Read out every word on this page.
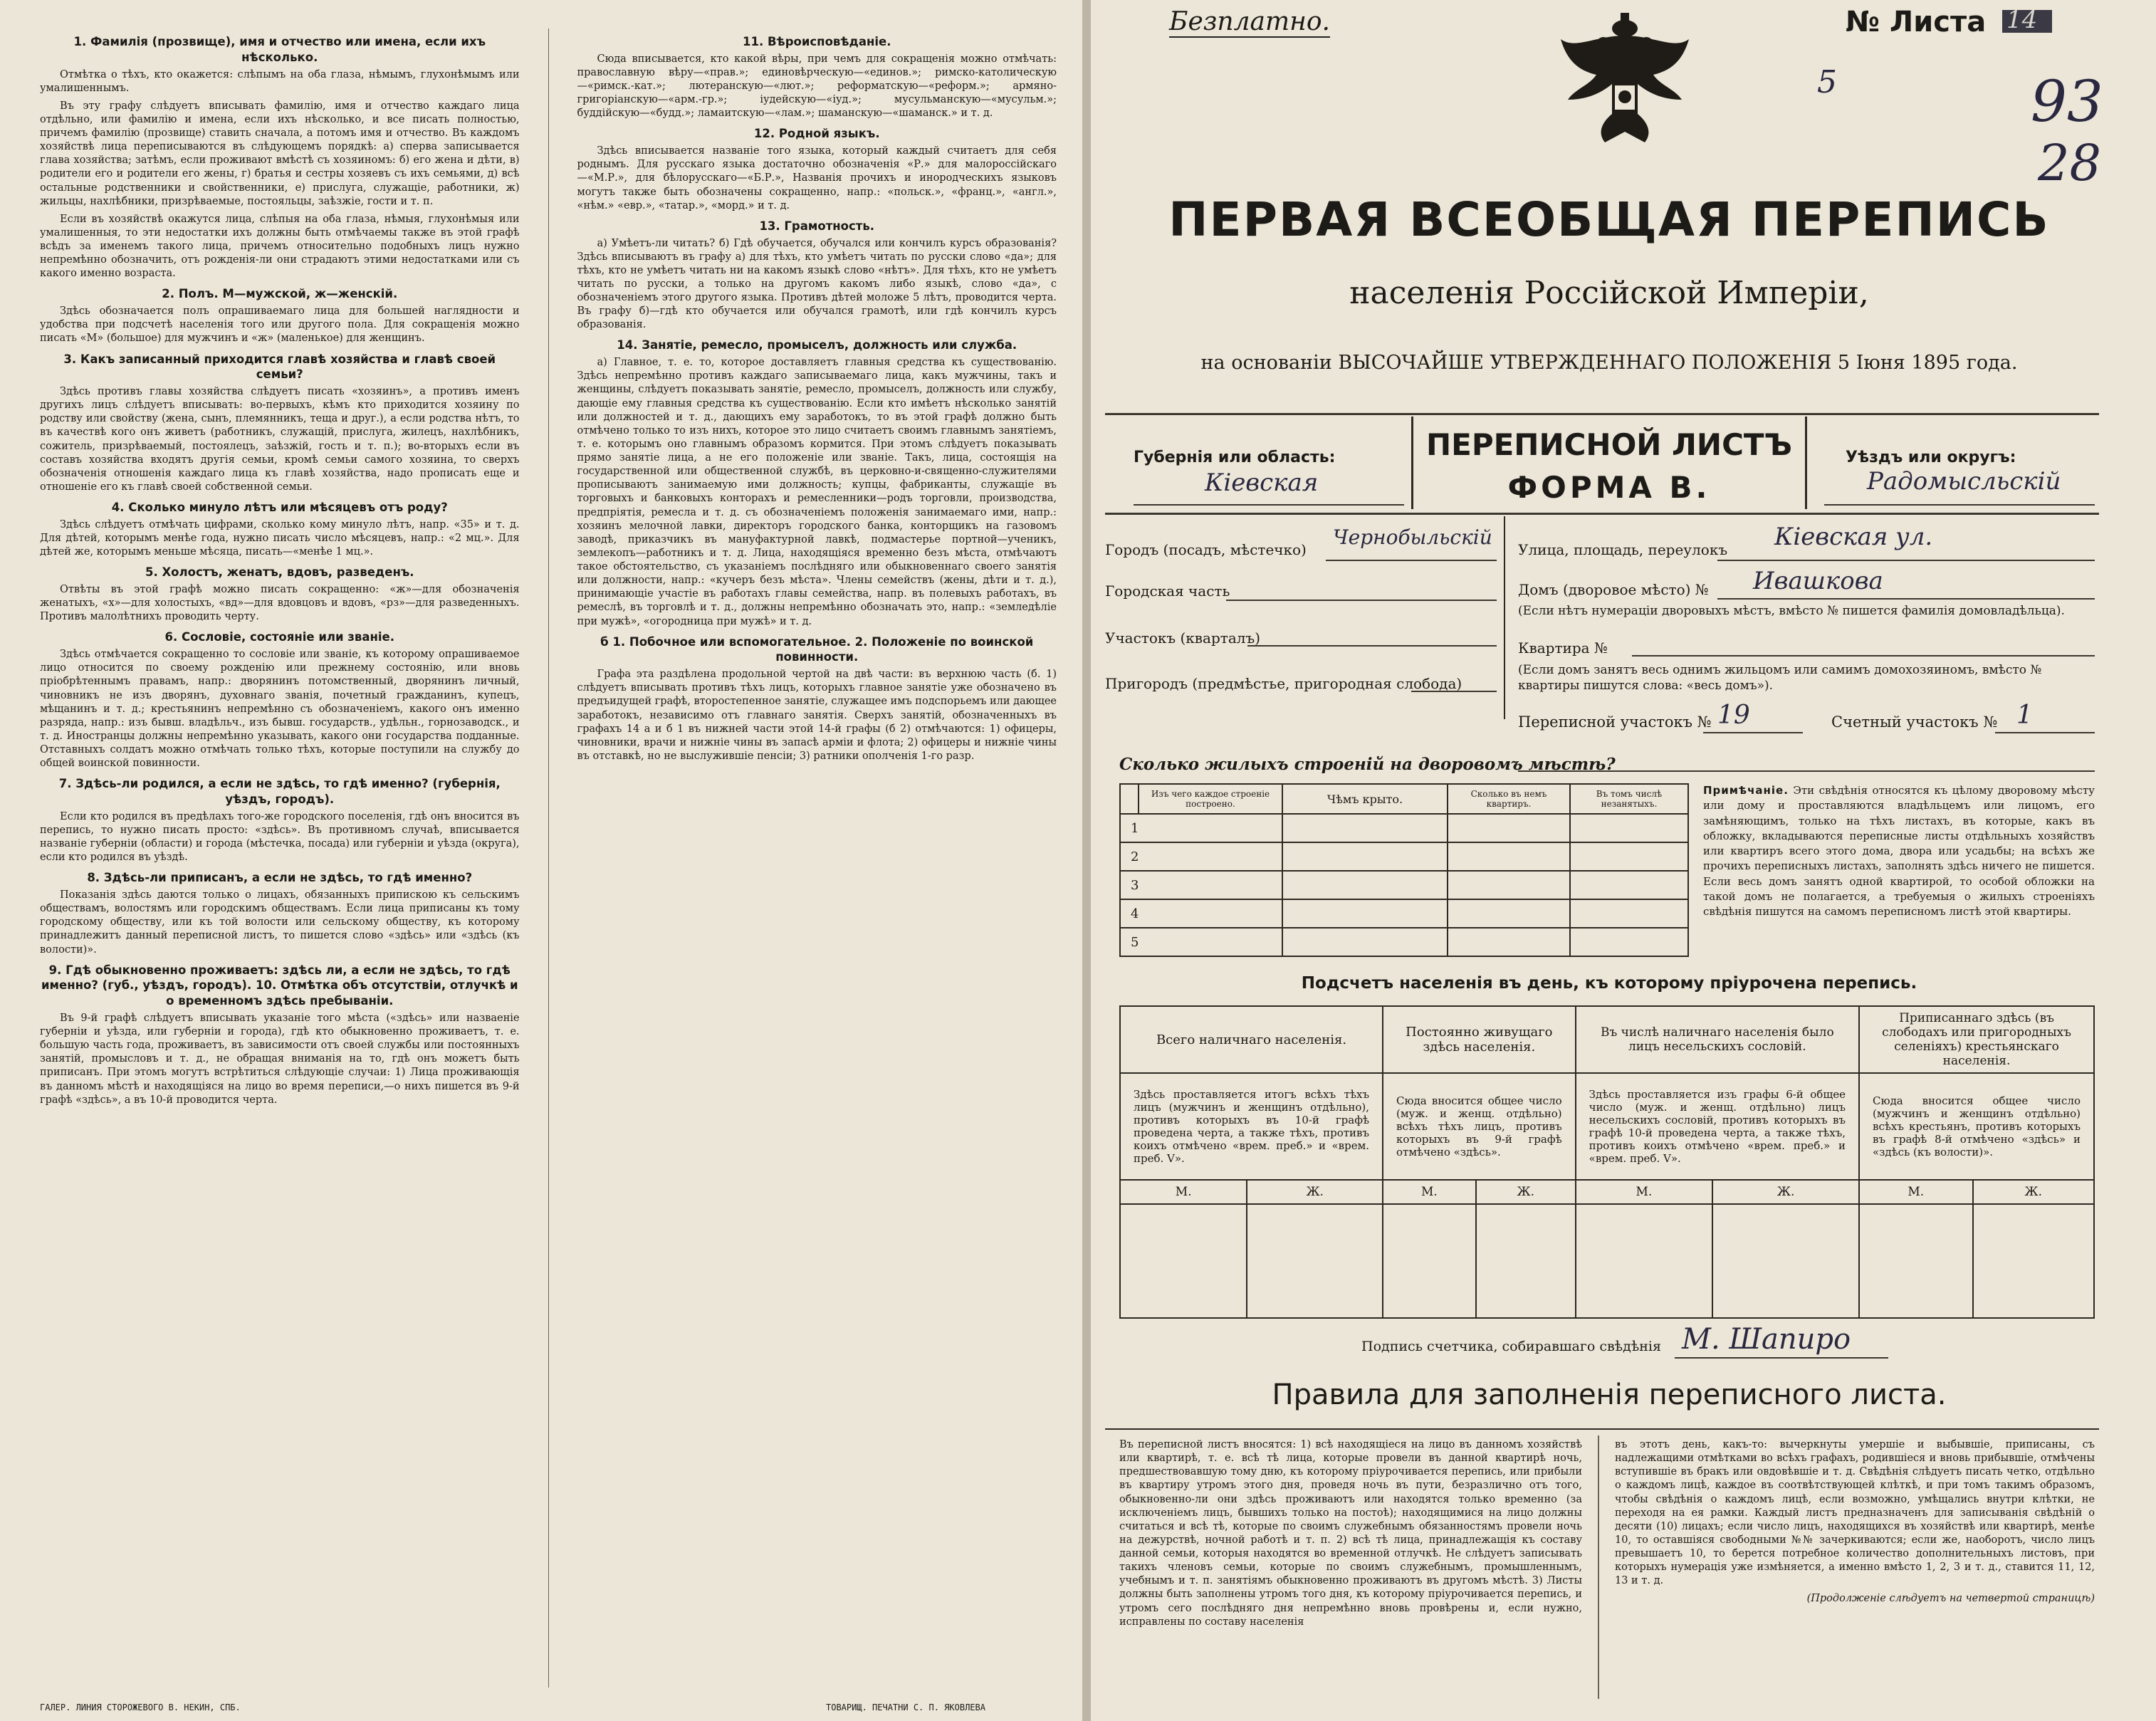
1. Фамилія (прозвище), имя и отчество или имена, если ихъ нѣсколько.

Отмѣтка о тѣхъ, кто окажется: слѣпымъ на оба глаза, нѣмымъ, глухонѣмымъ или умалишеннымъ.

Въ эту графу слѣдуетъ вписывать фамилію, имя и отчество каждаго лица отдѣльно, или фамилію и имена, если ихъ нѣсколько, и все писать полностью, причемъ фамилію (прозвище) ставить сначала, а потомъ имя и отчество. Въ каждомъ хозяйствѣ лица переписываются въ слѣдующемъ порядкѣ: а) сперва записывается глава хозяйства; затѣмъ, если проживают вмѣстѣ съ хозяиномъ: б) его жена и дѣти, в) родители его и родители его жены, г) братья и сестры хозяевъ съ ихъ семьями, д) всѣ остальные родственники и свойственники, е) прислуга, служащіе, работники, ж) жильцы, нахлѣбники, призрѣваемые, постояльцы, заѣзжіе, гости и т. п.

Если въ хозяйствѣ окажутся лица, слѣпыя на оба глаза, нѣмыя, глухонѣмыя или умалишенныя, то эти недостатки ихъ должны быть отмѣчаемы также въ этой графѣ всѣдъ за именемъ такого лица, причемъ относительно подобныхъ лицъ нужно непремѣнно обозначить, отъ рожденія-ли они страдаютъ этими недостатками или съ какого именно возраста.

2. Полъ. М—мужской, ж—женскій.

Здѣсь обозначается полъ опрашиваемаго лица для большей наглядности и удобства при подсчетѣ населенія того или другого пола. Для сокращенія можно писать «М» (большое) для мужчинъ и «ж» (маленькое) для женщинъ.

3. Какъ записанный приходится главѣ хозяйства и главѣ своей семьи?

Здѣсь противъ главы хозяйства слѣдуетъ писать «хозяинъ», а противъ именъ другихъ лицъ слѣдуетъ вписывать: во-первыхъ, кѣмъ кто приходится хозяину по родству или свойству (жена, сынъ, племянникъ, теща и друг.), а если родства нѣтъ, то въ качествѣ кого онъ живетъ (работникъ, служащій, прислуга, жилецъ, нахлѣбникъ, сожитель, призрѣваемый, постоялецъ, заѣзжій, гость и т. п.); во-вторыхъ если въ составъ хозяйства входятъ другія семьи, кромѣ семьи самого хозяина, то сверхъ обозначенія отношенія каждаго лица къ главѣ хозяйства, надо прописать еще и отношеніе его къ главѣ своей собственной семьи.

4. Сколько минуло лѣтъ или мѣсяцевъ отъ роду?

Здѣсь слѣдуетъ отмѣчать цифрами, сколько кому минуло лѣтъ, напр. «35» и т. д. Для дѣтей, которымъ менѣе года, нужно писать число мѣсяцевъ, напр.: «2 мц.». Для дѣтей же, которымъ меньше мѣсяца, писать—«менѣе 1 мц.».

5. Холостъ, женатъ, вдовъ, разведенъ.

Отвѣты въ этой графѣ можно писать сокращенно: «ж»—для обозначенія женатыхъ, «х»—для холостыхъ, «вд»—для вдовцовъ и вдовъ, «рз»—для разведенныхъ. Противъ малолѣтнихъ проводить черту.

6. Сословіе, состояніе или званіе.

Здѣсь отмѣчается сокращенно то сословіе или званіе, къ которому опрашиваемое лицо относится по своему рожденію или прежнему состоянію, или вновь пріобрѣтеннымъ правамъ, напр.: дворянинъ потомственный, дворянинъ личный, чиновникъ не изъ дворянъ, духовнаго званія, почетный гражданинъ, купецъ, мѣщанинъ и т. д.; крестьянинъ непремѣнно съ обозначеніемъ, какого онъ именно разряда, напр.: изъ бывш. владѣльч., изъ бывш. государств., удѣльн., горнозаводск., и т. д. Иностранцы должны непремѣнно указывать, какого они государства подданные. Отставныхъ солдатъ можно отмѣчать только тѣхъ, которые поступили на службу до общей воинской повинности.

7. Здѣсь-ли родился, а если не здѣсь, то гдѣ именно? (губернія, уѣздъ, городъ).

Если кто родился въ предѣлахъ того-же городского поселенія, гдѣ онъ вносится въ перепись, то нужно писать просто: «здѣсь». Въ противномъ случаѣ, вписывается названіе губерніи (области) и города (мѣстечка, посада) или губерніи и уѣзда (округа), если кто родился въ уѣздѣ.

8. Здѣсь-ли приписанъ, а если не здѣсь, то гдѣ именно?

Показанія здѣсь даются только о лицахъ, обязанныхъ припискою къ сельскимъ обществамъ, волостямъ или городскимъ обществамъ. Если лица приписаны къ тому городскому обществу, или къ той волости или сельскому обществу, къ которому принадлежитъ данный переписной листъ, то пишется слово «здѣсь» или «здѣсь (къ волости)».

9. Гдѣ обыкновенно проживаетъ: здѣсь ли, а если не здѣсь, то гдѣ именно? (губ., уѣздъ, городъ). 10. Отмѣтка объ отсутствіи, отлучкѣ и о временномъ здѣсь пребываніи.

Въ 9-й графѣ слѣдуетъ вписывать указаніе того мѣста («здѣсь» или назваеніе губерніи и уѣзда, или губерніи и города), гдѣ кто обыкновенно проживаетъ, т. е. большую часть года, проживаетъ, въ зависимости отъ своей службы или постоянныхъ занятій, промысловъ и т. д., не обращая вниманія на то, гдѣ онъ можетъ быть приписанъ. При этомъ могутъ встрѣтиться слѣдующіе случаи: 1) Лица проживающія въ данномъ мѣстѣ и находящіяся на лицо во время переписи,—о нихъ пишется въ 9-й графѣ «здѣсь», а въ 10-й проводится черта.

11. Вѣроисповѣданіе.

Сюда вписывается, кто какой вѣры, при чемъ для сокращенія можно отмѣчать: православную вѣру—«прав.»; единовѣрческую—«единов.»; римско-католическую—«римск.-кат.»; лютеранскую—«лют.»; реформатскую—«реформ.»; армяно-григоріанскую—«арм.-гр.»; іудейскую—«іуд.»; мусульманскую—«мусульм.»; буддійскую—«будд.»; ламаитскую—«лам.»; шаманскую—«шаманск.» и т. д.

12. Родной языкъ.

Здѣсь вписывается названіе того языка, который каждый считаетъ для себя роднымъ. Для русскаго языка достаточно обозначенія «Р.» для малороссійскаго—«М.Р.», для бѣлорусскаго—«Б.Р.», Названія прочихъ и инородческихъ языковъ могутъ также быть обозначены сокращенно, напр.: «польск.», «франц.», «англ.», «нѣм.» «евр.», «татар.», «морд.» и т. д.

13. Грамотность.

а) Умѣетъ-ли читать? б) Гдѣ обучается, обучался или кончилъ курсъ образованія? Здѣсь вписываютъ въ графу а) для тѣхъ, кто умѣетъ читать по русски слово «да»; для тѣхъ, кто не умѣетъ читать ни на какомъ языкѣ слово «нѣтъ». Для тѣхъ, кто не умѣетъ читать по русски, а только на другомъ какомъ либо языкѣ, слово «да», с обозначеніемъ этого другого языка. Противъ дѣтей моложе 5 лѣтъ, проводится черта. Въ графу б)—гдѣ кто обучается или обучался грамотѣ, или гдѣ кончилъ курсъ образованія.

14. Занятіе, ремесло, промыселъ, должность или служба.

а) Главное, т. е. то, которое доставляетъ главныя средства къ существованію. Здѣсь непремѣнно противъ каждаго записываемаго лица, какъ мужчины, такъ и женщины, слѣдуетъ показывать занятіе, ремесло, промыселъ, должность или службу, дающіе ему главныя средства къ существованію. Если кто имѣетъ нѣсколько занятій или должностей и т. д., дающихъ ему заработокъ, то въ этой графѣ должно быть отмѣчено только то изъ нихъ, которое это лицо считаетъ своимъ главнымъ занятіемъ, т. е. которымъ оно главнымъ образомъ кормится. При этомъ слѣдуетъ показывать прямо занятіе лица, а не его положеніе или званіе. Такъ, лица, состоящія на государственной или общественной службѣ, въ церковно-и-священно-служителями прописываютъ занимаемую ими должность; купцы, фабриканты, служащіе въ торговыхъ и банковыхъ конторахъ и ремесленники—родъ торговли, производства, предпріятія, ремесла и т. д. съ обозначеніемъ положенія занимаемаго ими, напр.: хозяинъ мелочной лавки, директоръ городского банка, конторщикъ на газовомъ заводѣ, приказчикъ въ мануфактурной лавкѣ, подмастерье портной—ученикъ, землекопъ—работникъ и т. д. Лица, находящіяся временно безъ мѣста, отмѣчаютъ такое обстоятельство, съ указаніемъ послѣдняго или обыкновеннаго своего занятія или должности, напр.: «кучеръ безъ мѣста». Члены семействъ (жены, дѣти и т. д.), принимающіе участіе въ работахъ главы семейства, напр. въ полевыхъ работахъ, въ ремеслѣ, въ торговлѣ и т. д., должны непремѣнно обозначать это, напр.: «земледѣліе при мужѣ», «огородница при мужѣ» и т. д.

б 1. Побочное или вспомогательное. 2. Положеніе по воинской повинности.

Графа эта раздѣлена продольной чертой на двѣ части: въ верхнюю часть (б. 1) слѣдуетъ вписывать противъ тѣхъ лицъ, которыхъ главное занятіе уже обозначено въ предъидущей графѣ, второстепенное занятіе, служащее имъ подспорьемъ или дающее заработокъ, независимо отъ главнаго занятія. Сверхъ занятій, обозначенныхъ въ графахъ 14 а и б 1 въ нижней части этой 14-й графы (б 2) отмѣчаются: 1) офицеры, чиновники, врачи и нижніе чины въ запасѣ арміи и флота; 2) офицеры и нижніе чины въ отставкѣ, но не выслужившіе пенсіи; 3) ратники ополченія 1-го разр.

ГАЛЕР. ЛИНИЯ СТОРОЖЕВОГО В. НЕКИН, СПБ.	ТОВАРИЩ. ПЕЧАТНИ С. П. ЯКОВЛЕВА
Безплатно.	№ Листа 14
5	93
28
ПЕРВАЯ ВСЕОБЩАЯ ПЕРЕПИСЬ
населенія Россійской Имперіи,
на основаніи ВЫСОЧАЙШЕ УТВЕРЖДЕННАГО ПОЛОЖЕНІЯ 5 Іюня 1895 года.
Губернія или область:
Кіевская
ПЕРЕПИСНОЙ ЛИСТЪ
ФОРМА В.
Уѣздъ или округъ:
Радомысльскій
Городъ (посадъ, мѣстечко)
Чернобыльскій
Городская часть
Участокъ (кварталъ)
Пригородъ (предмѣстье, пригородная слобода)
Улица, площадь, переулокъ Кіевская ул.
Домъ (дворовое мѣсто) № Ивашкова
(Если нѣтъ нумераціи дворовыхъ мѣстъ, вмѣсто № пишется фамилія домовладѣльца).
Квартира №
(Если домъ занятъ весь однимъ жильцомъ или самимъ домохозяиномъ, вмѣсто № квартиры пишутся слова: «весь домъ»).
Переписной участокъ № 19	Счетный участокъ № 1
Сколько жилыхъ строеній на дворовомъ мѣстѣ?
	Изъ чего каждое строеніе построено.	Чѣмъ крыто.	Сколько въ немъ квартиръ.	Въ томъ числѣ незанятыхъ.
1				
2				
3				
4				
5				
Примѣчаніе. Эти свѣдѣнія относятся къ цѣлому дворовому мѣсту или дому и проставляются владѣльцемъ или лицомъ, его замѣняющимъ, только на тѣхъ листахъ, въ которые, какъ въ обложку, вкладываются переписные листы отдѣльныхъ хозяйствъ или квартиръ всего этого дома, двора или усадьбы; на всѣхъ же прочихъ переписныхъ листахъ, заполнять здѣсь ничего не пишется. Если весь домъ занятъ одной квартирой, то особой обложки на такой домъ не полагается, а требуемыя о жилыхъ строеніяхъ свѣдѣнія пишутся на самомъ переписномъ листѣ этой квартиры.
Подсчетъ населенія въ день, къ которому пріурочена перепись.
Всего наличнаго населенія.		Постоянно живущаго здѣсь населенія.		Въ числѣ наличнаго населенія было лицъ несельскихъ сословій.		Приписаннаго здѣсь (въ слободахъ или пригородныхъ селеніяхъ) крестьянскаго населенія.	
Здѣсь проставляется итогъ всѣхъ тѣхъ лицъ (мужчинъ и женщинъ отдѣльно), противъ которыхъ въ 10-й графѣ проведена черта, а также тѣхъ, противъ коихъ отмѣчено «врем. преб.» и «врем. преб. V».		Сюда вносится общее число (муж. и женщ. отдѣльно) всѣхъ тѣхъ лицъ, противъ которыхъ въ 9-й графѣ отмѣчено «здѣсь».		Здѣсь проставляется изъ графы 6-й общее число (муж. и женщ. отдѣльно) лицъ несельскихъ сословій, противъ которыхъ въ графѣ 10-й проведена черта, а также тѣхъ, противъ коихъ отмѣчено «врем. преб.» и «врем. преб. V».		Сюда вносится общее число (мужчинъ и женщинъ отдѣльно) всѣхъ крестьянъ, противъ которыхъ въ графѣ 8-й отмѣчено «здѣсь» и «здѣсь (къ волости)».	
М.	Ж.	М.	Ж.	М.	Ж.	М.	Ж.

Подпись счетчика, собиравшаго свѣдѣнія М. Шапиро
Правила для заполненія переписного листа.
Въ переписной листъ вносятся: 1) всѣ находящіеся на лицо въ данномъ хозяйствѣ или квартирѣ, т. е. всѣ тѣ лица, которые провели въ данной квартирѣ ночь, предшествовавшую тому дню, къ которому пріурочивается перепись, или прибыли въ квартиру утромъ этого дня, проведя ночь въ пути, безразлично отъ того, обыкновенно-ли они здѣсь проживаютъ или находятся только временно (за исключеніемъ лицъ, бывшихъ только на постоѣ); находящимися на лицо должны считаться и всѣ тѣ, которые по своимъ служебнымъ обязанностямъ провели ночь на дежурствѣ, ночной работѣ и т. п. 2) всѣ тѣ лица, принадлежащія къ составу данной семьи, которыя находятся во временной отлучкѣ. Не слѣдуетъ записывать такихъ членовъ семьи, которые по своимъ служебнымъ, промышленнымъ, учебнымъ и т. п. занятіямъ обыкновенно проживаютъ въ другомъ мѣстѣ. 3) Листы должны быть заполнены утромъ того дня, къ которому пріурочивается перепись, и утромъ сего послѣдняго дня непремѣнно вновь провѣрены и, если нужно, исправлены по составу населенія
въ этотъ день, какъ-то: вычеркнуты умершіе и выбывшіе, приписаны, съ надлежащими отмѣтками во всѣхъ графахъ, родившіеся и вновь прибывшіе, отмѣчены вступившіе въ бракъ или овдовѣвшіе и т. д. Свѣдѣнія слѣдуетъ писать четко, отдѣльно о каждомъ лицѣ, каждое въ соотвѣтствующей клѣткѣ, и при томъ такимъ образомъ, чтобы свѣдѣнія о каждомъ лицѣ, если возможно, умѣщались внутри клѣтки, не переходя на ея рамки. Каждый листъ предназначенъ для записыванія свѣдѣній о десяти (10) лицахъ; если число лицъ, находящихся въ хозяйствѣ или квартирѣ, менѣе 10, то оставшіяся свободными №№ зачеркиваются; если же, наоборотъ, число лицъ превышаетъ 10, то берется потребное количество дополнительныхъ листовъ, при которыхъ нумерація уже измѣняется, а именно вмѣсто 1, 2, 3 и т. д., ставится 11, 12, 13 и т. д.
(Продолженіе слѣдуетъ на четвертой страницѣ)
